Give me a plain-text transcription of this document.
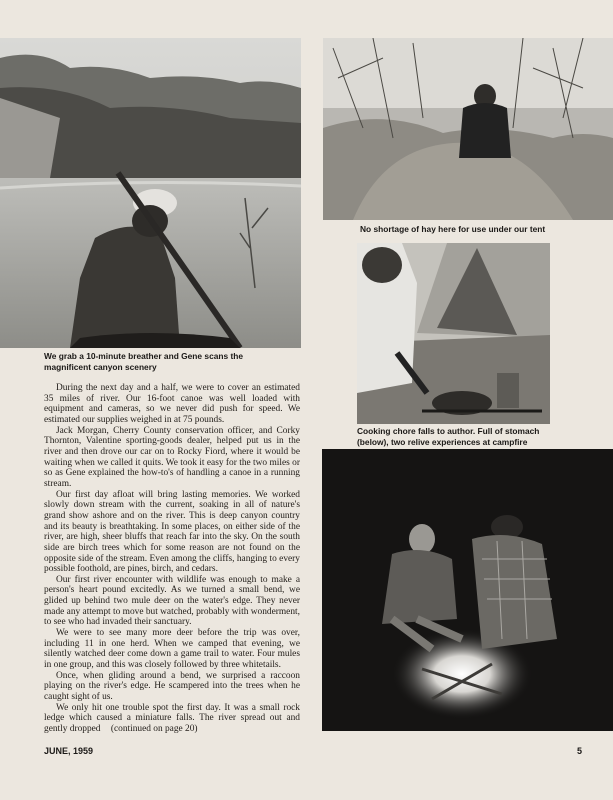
We grab a 10-minute breather and Gene scans the magnificent canyon scenery
No shortage of hay here for use under our tent
Cooking chore falls to author. Full of stomach (below), two relive experiences at campfire

During the next day and a half, we were to cover an estimated 35 miles of river. Our 16-foot canoe was well loaded with equipment and cameras, so we never did push for speed. We estimated our supplies weighed in at 75 pounds.

Jack Morgan, Cherry County conservation officer, and Corky Thornton, Valentine sporting-goods dealer, helped put us in the river and then drove our car on to Rocky Fiord, where it would be waiting when we called it quits. We took it easy for the two miles or so as Gene explained the how-to's of handling a canoe in a running stream.

Our first day afloat will bring lasting memories. We worked slowly down stream with the current, soaking in all of nature's grand show ashore and on the river. This is deep canyon country and its beauty is breathtaking. In some places, on either side of the river, are high, sheer bluffs that reach far into the sky. On the south side are birch trees which for some reason are not found on the opposite side of the stream. Even among the cliffs, hanging to every possible foothold, are pines, birch, and cedars.

Our first river encounter with wildlife was enough to make a person's heart pound excitedly. As we turned a small bend, we glided up behind two mule deer on the water's edge. They never made any attempt to move but watched, probably with wonderment, to see who had invaded their sanctuary.

We were to see many more deer before the trip was over, including 11 in one herd. When we camped that evening, we silently watched deer come down a game trail to water. Four mules in one group, and this was closely followed by three whitetails.

Once, when gliding around a bend, we surprised a raccoon playing on the river's edge. He scampered into the trees when he caught sight of us.

We only hit one trouble spot the first day. It was a small rock ledge which caused a miniature falls. The river spread out and gently dropped (continued on page 20)

JUNE, 1959	5
